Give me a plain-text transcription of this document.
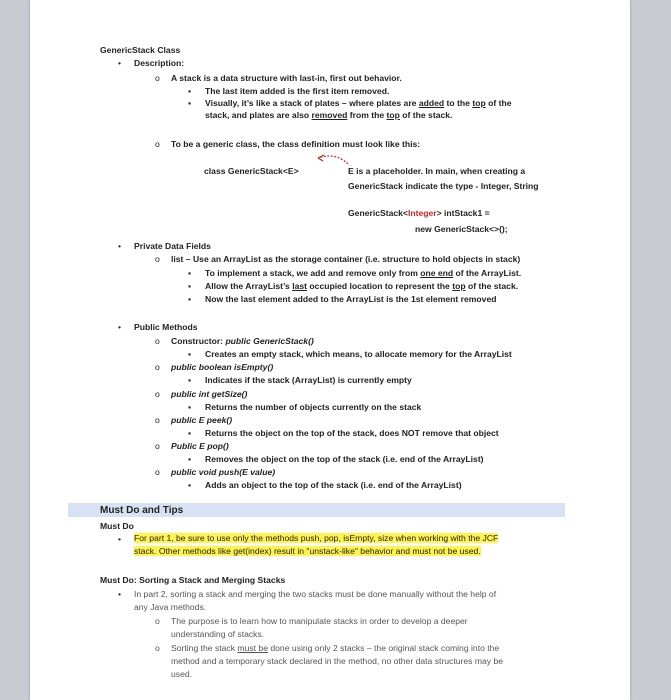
GenericStack Class
• Description:
o A stack is a data structure with last-in, first out behavior.
▪ The last item added is the first item removed.
▪ Visually, it’s like a stack of plates – where plates are added to the top of the
stack, and plates are also removed from the top of the stack.
o To be a generic class, the class definition must look like this:
class GenericStack<E>	E is a placeholder. In main, when creating a
GenericStack indicate the type - Integer, String
GenericStack<Integer> intStack1 =
new GenericStack<>();
• Private Data Fields
o list – Use an ArrayList as the storage container (i.e. structure to hold objects in stack)
▪ To implement a stack, we add and remove only from one end of the ArrayList.
▪ Allow the ArrayList’s last occupied location to represent the top of the stack.
▪ Now the last element added to the ArrayList is the 1st element removed
• Public Methods
o Constructor: public GenericStack()
▪ Creates an empty stack, which means, to allocate memory for the ArrayList
o public boolean isEmpty()
▪ Indicates if the stack (ArrayList) is currently empty
o public int getSize()
▪ Returns the number of objects currently on the stack
o public E peek()
▪ Returns the object on the top of the stack, does NOT remove that object
o Public E pop()
▪ Removes the object on the top of the stack (i.e. end of the ArrayList)
o public void push(E value)
▪ Adds an object to the top of the stack (i.e. end of the ArrayList)
Must Do and Tips
Must Do
• For part 1, be sure to use only the methods push, pop, isEmpty, size when working with the JCF
stack. Other methods like get(index) result in "unstack-like" behavior and must not be used.
Must Do: Sorting a Stack and Merging Stacks
• In part 2, sorting a stack and merging the two stacks must be done manually without the help of
any Java methods.
o The purpose is to learn how to manipulate stacks in order to develop a deeper
understanding of stacks.
o Sorting the stack must be done using only 2 stacks – the original stack coming into the
method and a temporary stack declared in the method, no other data structures may be
used.
